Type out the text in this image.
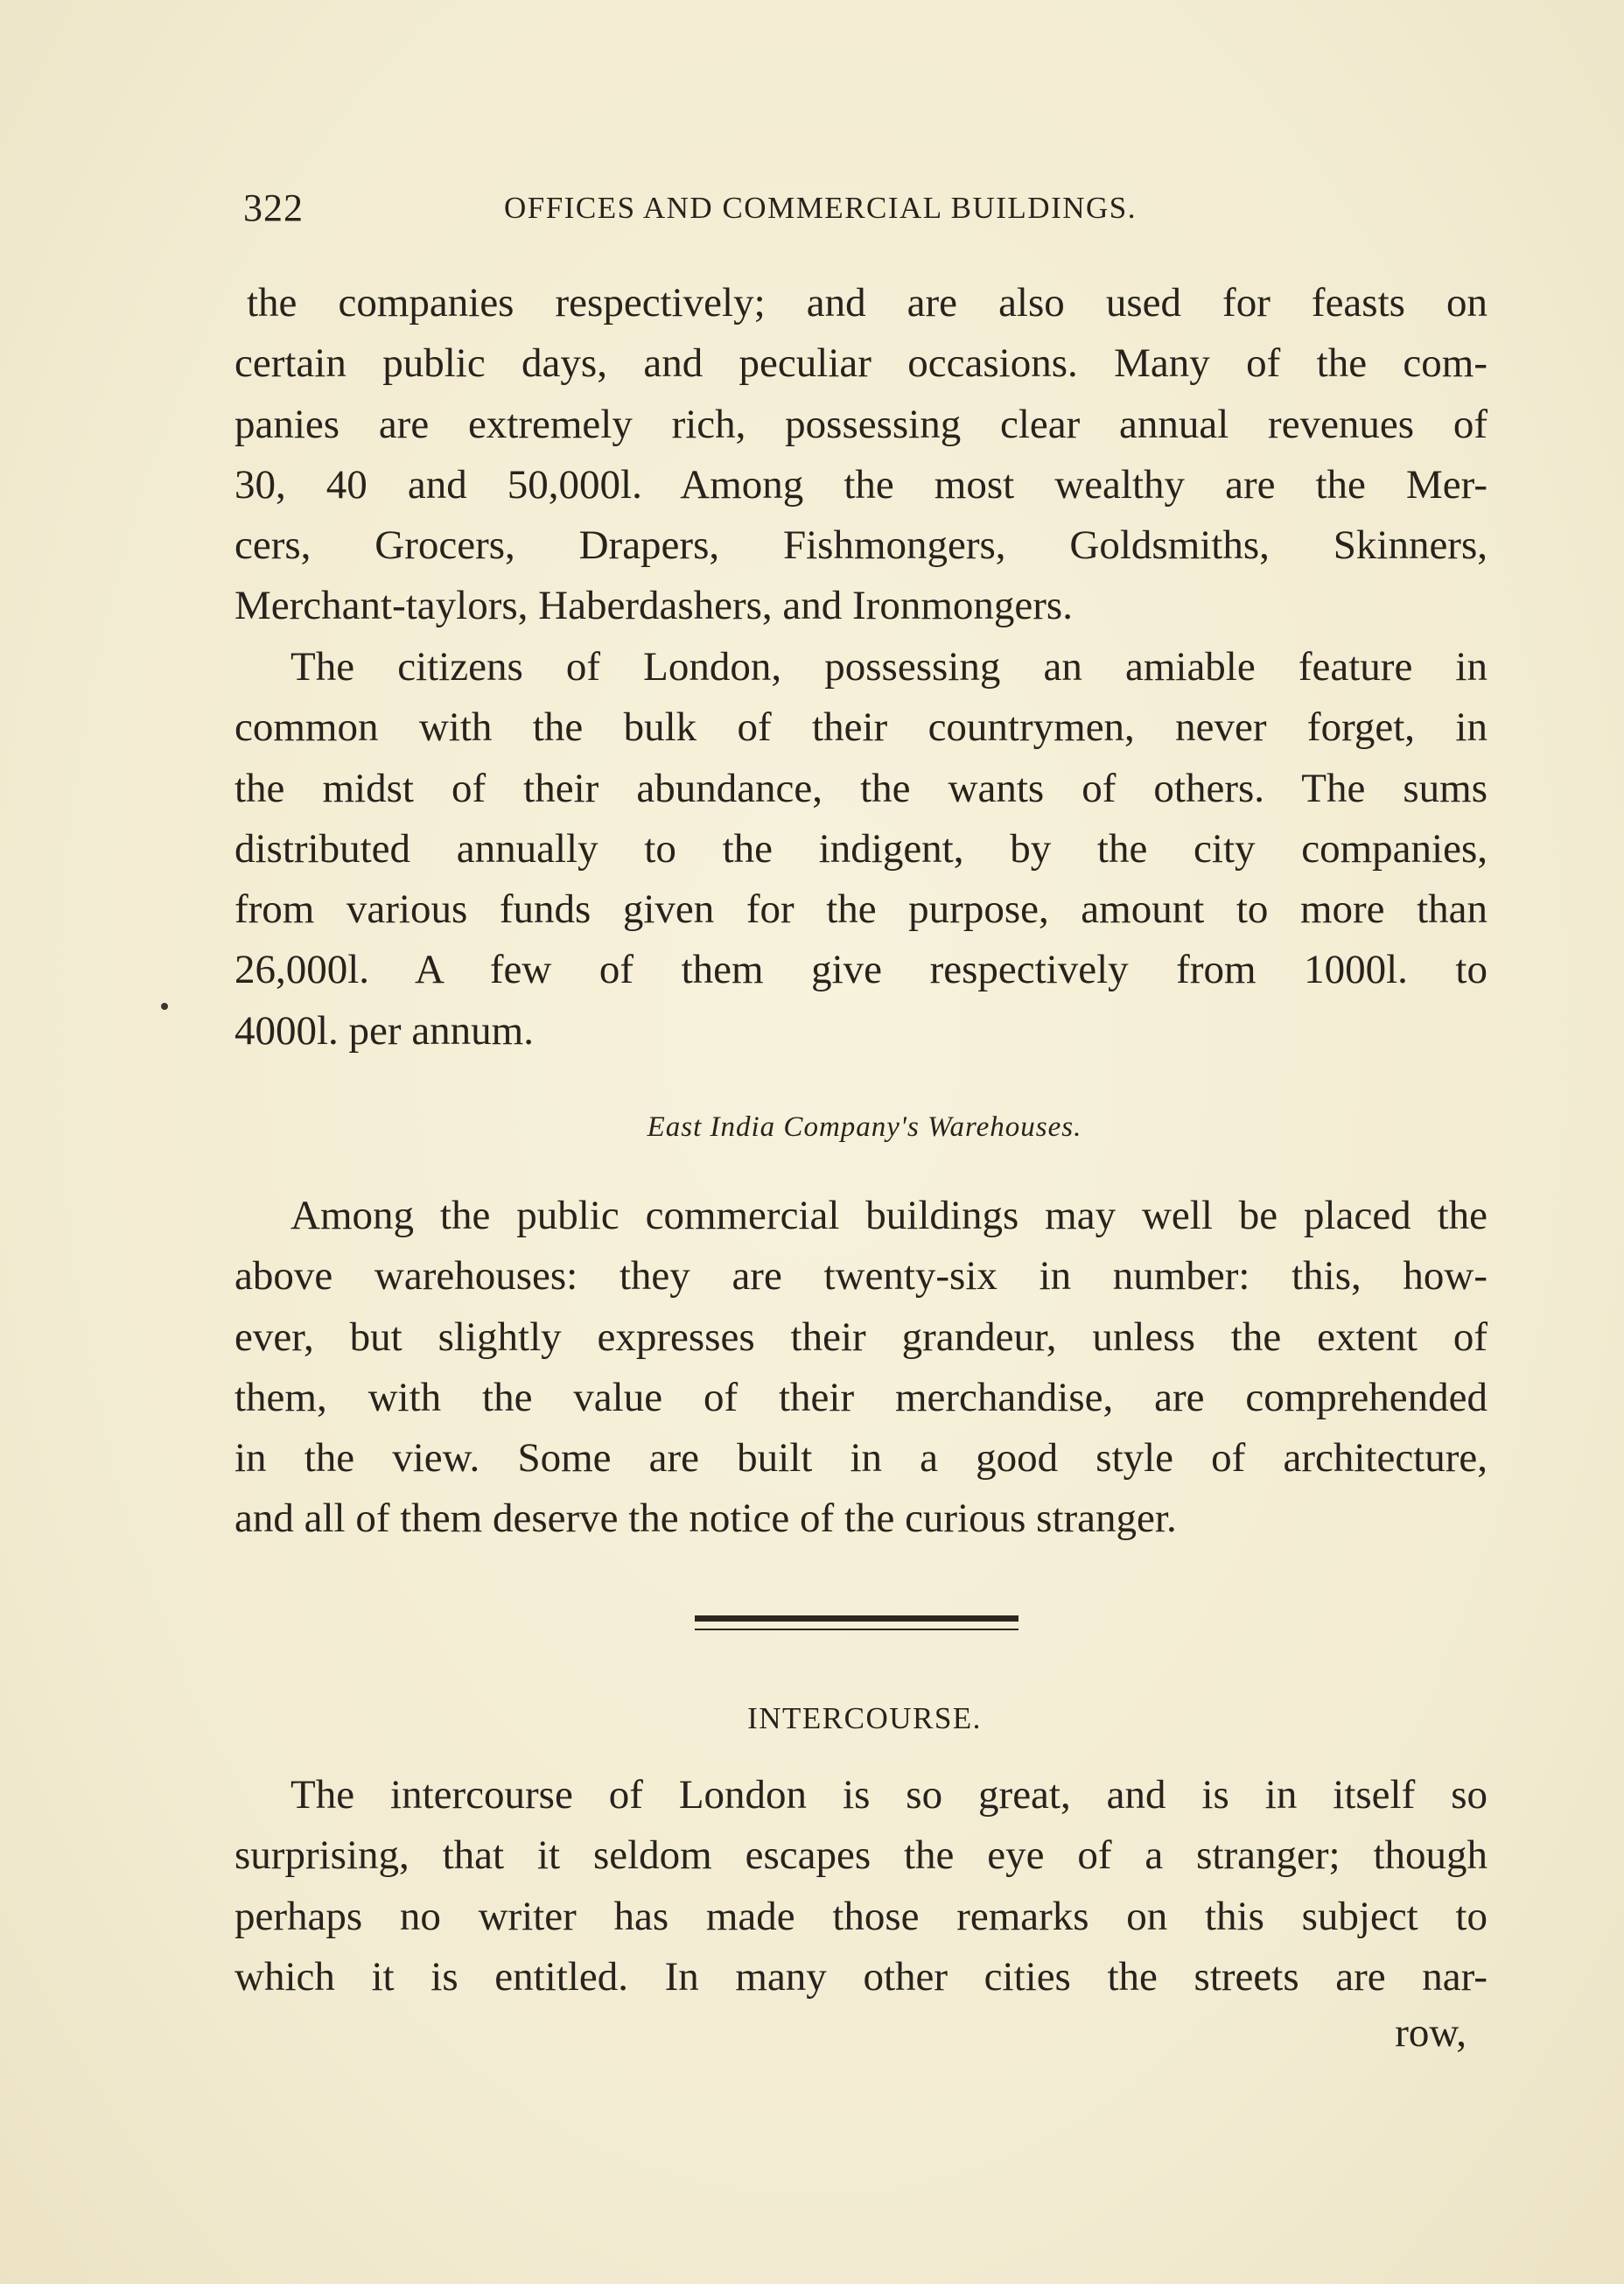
322	OFFICES AND COMMERCIAL BUILDINGS.
the companies respectively; and are also used for feasts on
certain public days, and peculiar occasions. Many of the com-
panies are extremely rich, possessing clear annual revenues of
30, 40 and 50,000l. Among the most wealthy are the Mer-
cers, Grocers, Drapers, Fishmongers, Goldsmiths, Skinners,
Merchant-taylors, Haberdashers, and Ironmongers.
The citizens of London, possessing an amiable feature in
common with the bulk of their countrymen, never forget, in
the midst of their abundance, the wants of others. The sums
distributed annually to the indigent, by the city companies,
from various funds given for the purpose, amount to more than
26,000l. A few of them give respectively from 1000l. to
4000l. per annum.
East India Company's Warehouses.
Among the public commercial buildings may well be placed the
above warehouses: they are twenty-six in number: this, how-
ever, but slightly expresses their grandeur, unless the extent of
them, with the value of their merchandise, are comprehended
in the view. Some are built in a good style of architecture,
and all of them deserve the notice of the curious stranger.
INTERCOURSE.
The intercourse of London is so great, and is in itself so
surprising, that it seldom escapes the eye of a stranger; though
perhaps no writer has made those remarks on this subject to
which it is entitled. In many other cities the streets are nar-
row,
